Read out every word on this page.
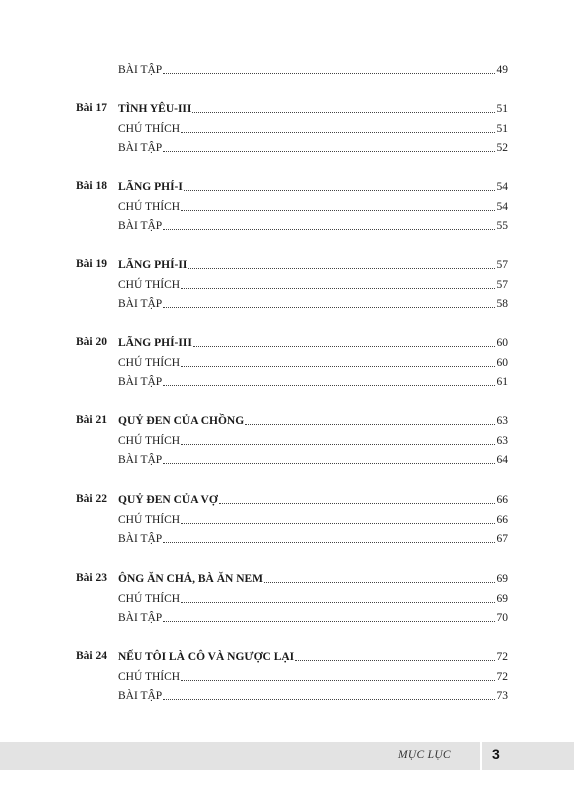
BÀI TẬP	49
Bài 17 TÌNH YÊU-III	51
CHÚ THÍCH	51
BÀI TẬP	52
Bài 18 LÃNG PHÍ-I	54
CHÚ THÍCH	54
BÀI TẬP	55
Bài 19 LÃNG PHÍ-II	57
CHÚ THÍCH	57
BÀI TẬP	58
Bài 20 LÃNG PHÍ-III	60
CHÚ THÍCH	60
BÀI TẬP	61
Bài 21 QUỶ ĐEN CỦA CHỒNG	63
CHÚ THÍCH	63
BÀI TẬP	64
Bài 22 QUỶ ĐEN CỦA VỢ	66
CHÚ THÍCH	66
BÀI TẬP	67
Bài 23 ÔNG ĂN CHẢ, BÀ ĂN NEM	69
CHÚ THÍCH	69
BÀI TẬP	70
Bài 24 NẾU TÔI LÀ CÔ VÀ NGƯỢC LẠI	72
CHÚ THÍCH	72
BÀI TẬP	73
MỤC LỤC	3
